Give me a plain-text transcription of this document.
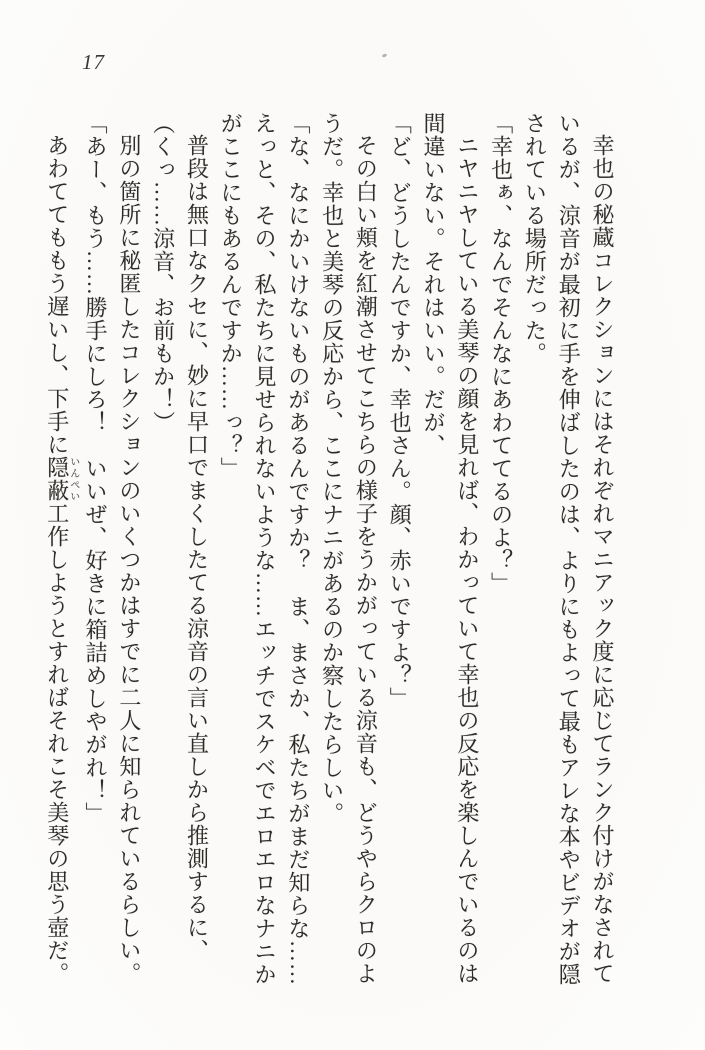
17

幸也の秘蔵コレクションにはそれぞれマニアック度に応じてランク付けがなされているが、涼音が最初に手を伸ばしたのは、よりにもよって最もアレな本やビデオが隠されている場所だった。

「幸也ぁ、なんでそんなにあわててるのよ？」

ニヤニヤしている美琴の顔を見れば、わかっていて幸也の反応を楽しんでいるのは間違いない。それはいい。だが、

「ど、どうしたんですか、幸也さん。顔、赤いですよ？」

その白い頬を紅潮させてこちらの様子をうかがっている涼音も、どうやらクロのようだ。幸也と美琴の反応から、ここにナニがあるのか察したらしい。

「な、なにかいけないものがあるんですか？　ま、まさか、私たちがまだ知らな……えっと、その、私たちに見せられないような……エッチでスケベでエロエロなナニかがここにもあるんですか……っ？」

普段は無口なクセに、妙に早口でまくしたてる涼音の言い直しから推測するに、

（くっ……涼音、お前もか！）

別の箇所に秘匿したコレクションのいくつかはすでに二人に知られているらしい。

「あー、もう……勝手にしろ！　いいぜ、好きに箱詰めしやがれ！」

あわててももう遅いし、下手に隠蔽いんぺい工作しようとすればそれこそ美琴の思う壺だ。
